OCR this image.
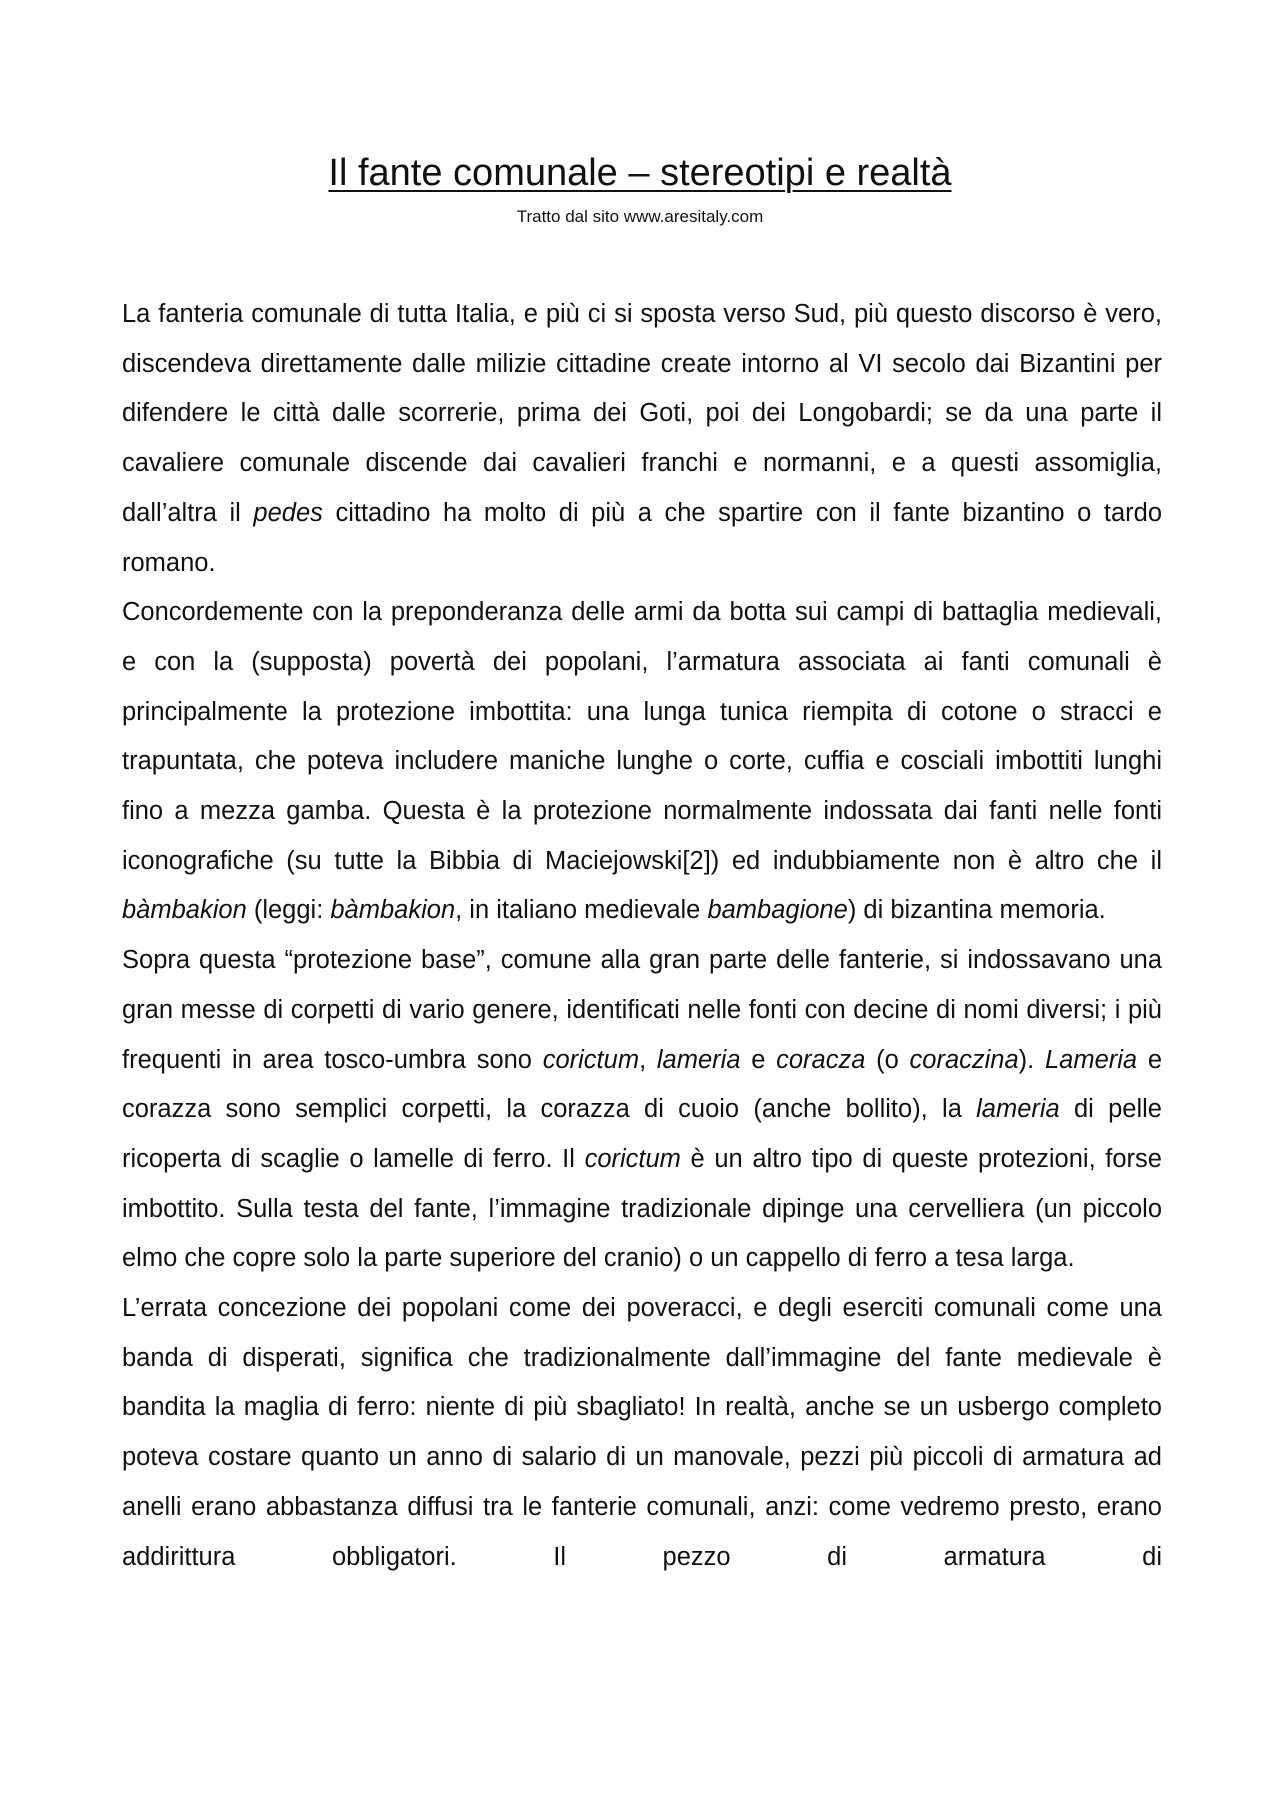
Il fante comunale – stereotipi e realtà

Tratto dal sito www.aresitaly.com

La fanteria comunale di tutta Italia, e più ci si sposta verso Sud, più questo discorso è vero, discendeva direttamente dalle milizie cittadine create intorno al VI secolo dai Bizantini per difendere le città dalle scorrerie, prima dei Goti, poi dei Longobardi; se da una parte il cavaliere comunale discende dai cavalieri franchi e normanni, e a questi assomiglia, dall’altra il pedes cittadino ha molto di più a che spartire con il fante bizantino o tardo romano.

Concordemente con la preponderanza delle armi da botta sui campi di battaglia medievali, e con la (supposta) povertà dei popolani, l’armatura associata ai fanti comunali è principalmente la protezione imbottita: una lunga tunica riempita di cotone o stracci e trapuntata, che poteva includere maniche lunghe o corte, cuffia e cosciali imbottiti lunghi fino a mezza gamba. Questa è la protezione normalmente indossata dai fanti nelle fonti iconografiche (su tutte la Bibbia di Maciejowski[2]) ed indubbiamente non è altro che il bàmbakion (leggi: bàmbakion, in italiano medievale bambagione) di bizantina memoria.

Sopra questa “protezione base”, comune alla gran parte delle fanterie, si indossavano una gran messe di corpetti di vario genere, identificati nelle fonti con decine di nomi diversi; i più frequenti in area tosco-umbra sono corictum, lameria e coracza (o coraczina). Lameria e corazza sono semplici corpetti, la corazza di cuoio (anche bollito), la lameria di pelle ricoperta di scaglie o lamelle di ferro. Il corictum è un altro tipo di queste protezioni, forse imbottito. Sulla testa del fante, l’immagine tradizionale dipinge una cervelliera (un piccolo elmo che copre solo la parte superiore del cranio) o un cappello di ferro a tesa larga.

L’errata concezione dei popolani come dei poveracci, e degli eserciti comunali come una banda di disperati, significa che tradizionalmente dall’immagine del fante medievale è bandita la maglia di ferro: niente di più sbagliato! In realtà, anche se un usbergo completo poteva costare quanto un anno di salario di un manovale, pezzi più piccoli di armatura ad anelli erano abbastanza diffusi tra le fanterie comunali, anzi: come vedremo presto, erano addirittura obbligatori. Il pezzo di armatura di
